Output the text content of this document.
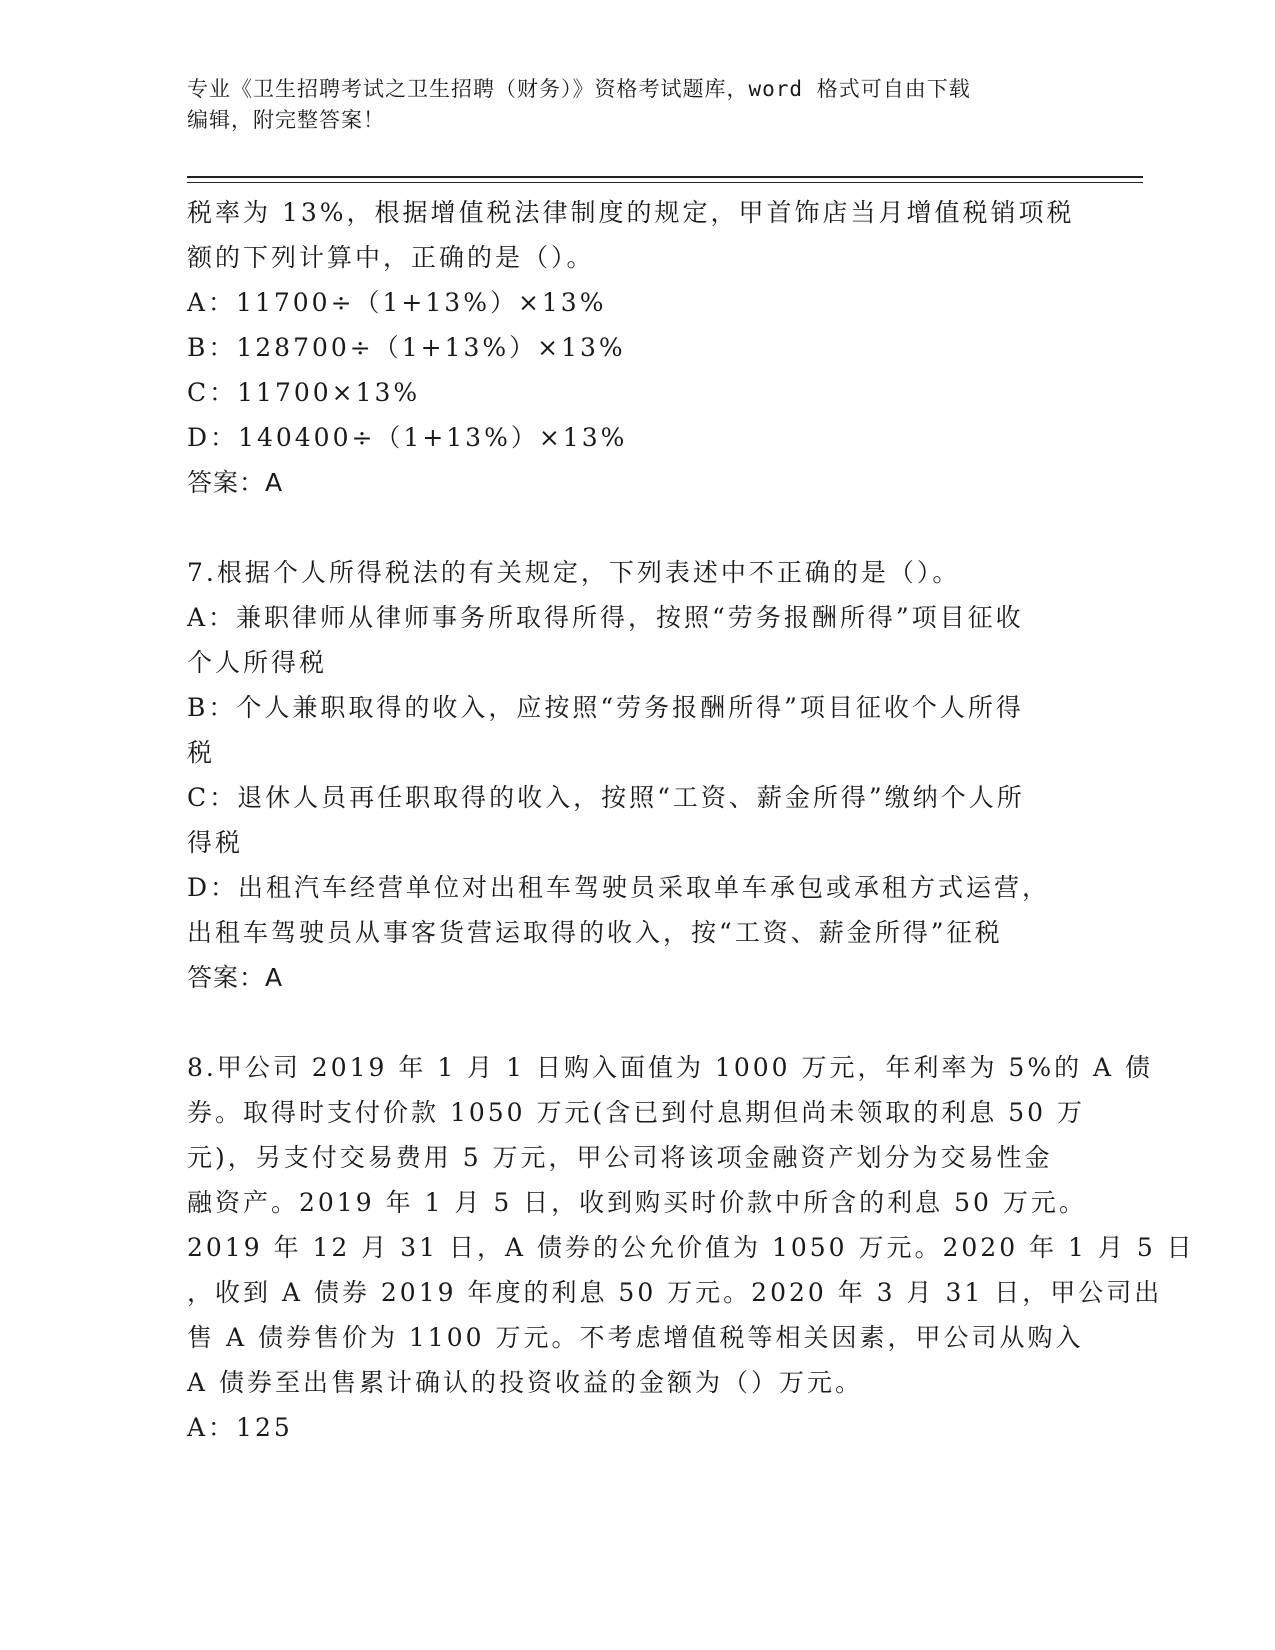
专业《卫生招聘考试之卫生招聘（财务）》资格考试题库，word 格式可自由下载
编辑，附完整答案！
税率为 13%，根据增值税法律制度的规定，甲首饰店当月增值税销项税
额的下列计算中，正确的是（）。
A：11700÷（1+13%）×13%
B：128700÷（1+13%）×13%
C：11700×13%
D：140400÷（1+13%）×13%
答案：A
7.根据个人所得税法的有关规定，下列表述中不正确的是（）。
A：兼职律师从律师事务所取得所得，按照“劳务报酬所得”项目征收
个人所得税
B：个人兼职取得的收入，应按照“劳务报酬所得”项目征收个人所得
税
C：退休人员再任职取得的收入，按照“工资、薪金所得”缴纳个人所
得税
D：出租汽车经营单位对出租车驾驶员采取单车承包或承租方式运营，
出租车驾驶员从事客货营运取得的收入，按“工资、薪金所得”征税
答案：A
8.甲公司 2019 年 1 月 1 日购入面值为 1000 万元，年利率为 5%的 A 债
券。取得时支付价款 1050 万元(含已到付息期但尚未领取的利息 50 万
元)，另支付交易费用 5 万元，甲公司将该项金融资产划分为交易性金
融资产。2019 年 1 月 5 日，收到购买时价款中所含的利息 50 万元。
2019 年 12 月 31 日，A 债券的公允价值为 1050 万元。2020 年 1 月 5 日
，收到 A 债券 2019 年度的利息 50 万元。2020 年 3 月 31 日，甲公司出
售 A 债券售价为 1100 万元。不考虑增值税等相关因素，甲公司从购入
A 债券至出售累计确认的投资收益的金额为（）万元。
A：125
